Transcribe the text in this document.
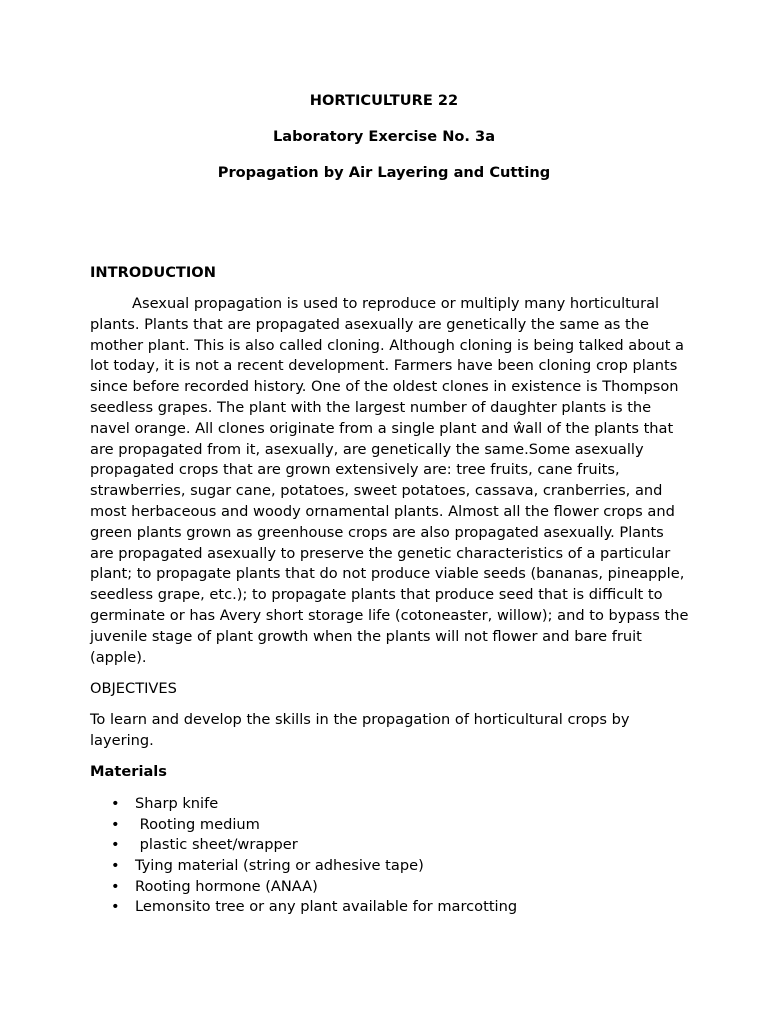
HORTICULTURE 22
Laboratory Exercise No. 3a
Propagation by Air Layering and Cutting
INTRODUCTION

Asexual propagation is used to reproduce or multiply many horticultural plants. Plants that are propagated asexually are genetically the same as the mother plant. This is also called cloning. Although cloning is being talked about a lot today, it is not a recent development. Farmers have been cloning crop plants since before recorded history. One of the oldest clones in existence is Thompson seedless grapes. The plant with the largest number of daughter plants is the navel orange. All clones originate from a single plant and ŵall of the plants that are propagated from it, asexually, are genetically the same.Some asexually propagated crops that are grown extensively are: tree fruits, cane fruits, strawberries, sugar cane, potatoes, sweet potatoes, cassava, cranberries, and most herbaceous and woody ornamental plants. Almost all the flower crops and green plants grown as greenhouse crops are also propagated asexually. Plants are propagated asexually to preserve the genetic characteristics of a particular plant; to propagate plants that do not produce viable seeds (bananas, pineapple, seedless grape, etc.); to propagate plants that produce seed that is difficult to germinate or has Avery short storage life (cotoneaster, willow); and to bypass the juvenile stage of plant growth when the plants will not flower and bare fruit (apple).

OBJECTIVES

To learn and develop the skills in the propagation of horticultural crops by layering.

Materials
• Sharp knife
• Rooting medium
• plastic sheet/wrapper
• Tying material (string or adhesive tape)
• Rooting hormone (ANAA)
• Lemonsito tree or any plant available for marcotting
